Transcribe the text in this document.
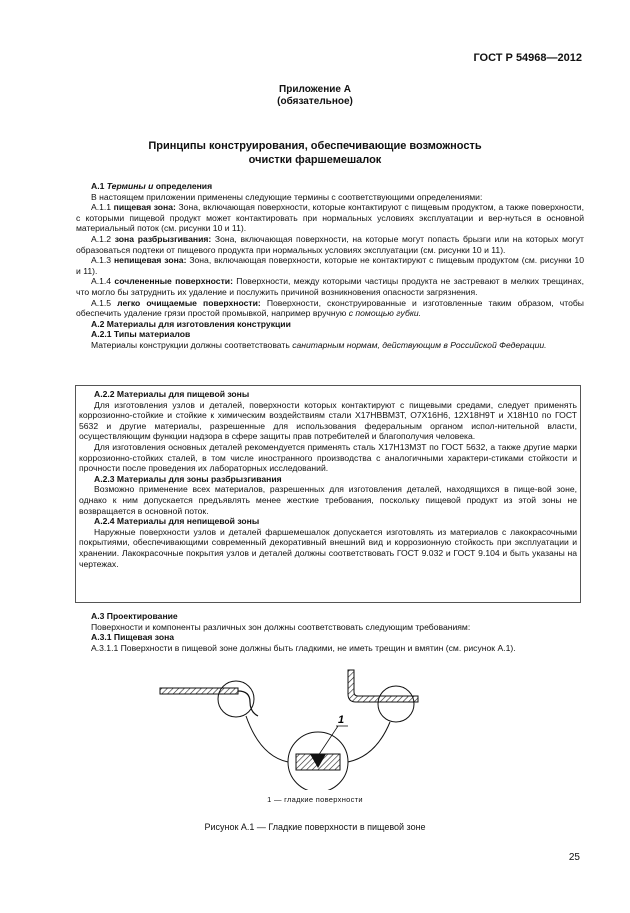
ГОСТ Р 54968—2012
Приложение А
(обязательное)
Принципы конструирования, обеспечивающие возможность
очистки фаршемешалок

А.1 Термины и определения

В настоящем приложении применены следующие термины с соответствующими определениями:

А.1.1 пищевая зона: Зона, включающая поверхности, которые контактируют с пищевым продуктом, а также поверхности, с которыми пищевой продукт может контактировать при нормальных условиях эксплуатации и вер-нуться в основной материальный поток (см. рисунки 10 и 11).

А.1.2 зона разбрызгивания: Зона, включающая поверхности, на которые могут попасть брызги или на которых могут образоваться подтеки от пищевого продукта при нормальных условиях эксплуатации (см. рисунки 10 и 11).

А.1.3 непищевая зона: Зона, включающая поверхности, которые не контактируют с пищевым продуктом (см. рисунки 10 и 11).

А.1.4 сочлененные поверхности: Поверхности, между которыми частицы продукта не застревают в мелких трещинах, что могло бы затруднить их удаление и послужить причиной возникновения опасности загрязнения.

А.1.5 легко очищаемые поверхности: Поверхности, сконструированные и изготовленные таким образом, чтобы обеспечить удаление грязи простой промывкой, например вручную с помощью губки.

А.2 Материалы для изготовления конструкции

А.2.1 Типы материалов

Материалы конструкции должны соответствовать санитарным нормам, действующим в Российской Федерации.

А.2.2 Материалы для пищевой зоны

Для изготовления узлов и деталей, поверхности которых контактируют с пищевыми средами, следует применять коррозионно-стойкие и стойкие к химическим воздействиям стали Х17НВВМ3Т, О7Х16Н6, 12Х18Н9Т и Х18Н10 по ГОСТ 5632 и другие материалы, разрешенные для использования федеральным органом испол-нительной власти, осуществляющим функции надзора в сфере защиты прав потребителей и благополучия человека.

Для изготовления основных деталей рекомендуется применять сталь Х17Н13М3Т по ГОСТ 5632, а также другие марки коррозионно-стойких сталей, в том числе иностранного производства с аналогичными характери-стиками стойкости и прочности после проведения их лабораторных исследований.

А.2.3 Материалы для зоны разбрызгивания

Возможно применение всех материалов, разрешенных для изготовления деталей, находящихся в пище-вой зоне, однако к ним допускается предъявлять менее жесткие требования, поскольку пищевой продукт из этой зоны не возвращается в основной поток.

А.2.4 Материалы для непищевой зоны

Наружные поверхности узлов и деталей фаршемешалок допускается изготовлять из материалов с лакокрасочными покрытиями, обеспечивающими современный декоративный внешний вид и коррозионную стойкость при эксплуатации и хранении. Лакокрасочные покрытия узлов и деталей должны соответствовать ГОСТ 9.032 и ГОСТ 9.104 и быть указаны на чертежах.

А.3 Проектирование

Поверхности и компоненты различных зон должны соответствовать следующим требованиям:

А.3.1 Пищевая зона

А.3.1.1 Поверхности в пищевой зоне должны быть гладкими, не иметь трещин и вмятин (см. рисунок А.1).

1
1 — гладкие поверхности
Рисунок А.1 — Гладкие поверхности в пищевой зоне
25
